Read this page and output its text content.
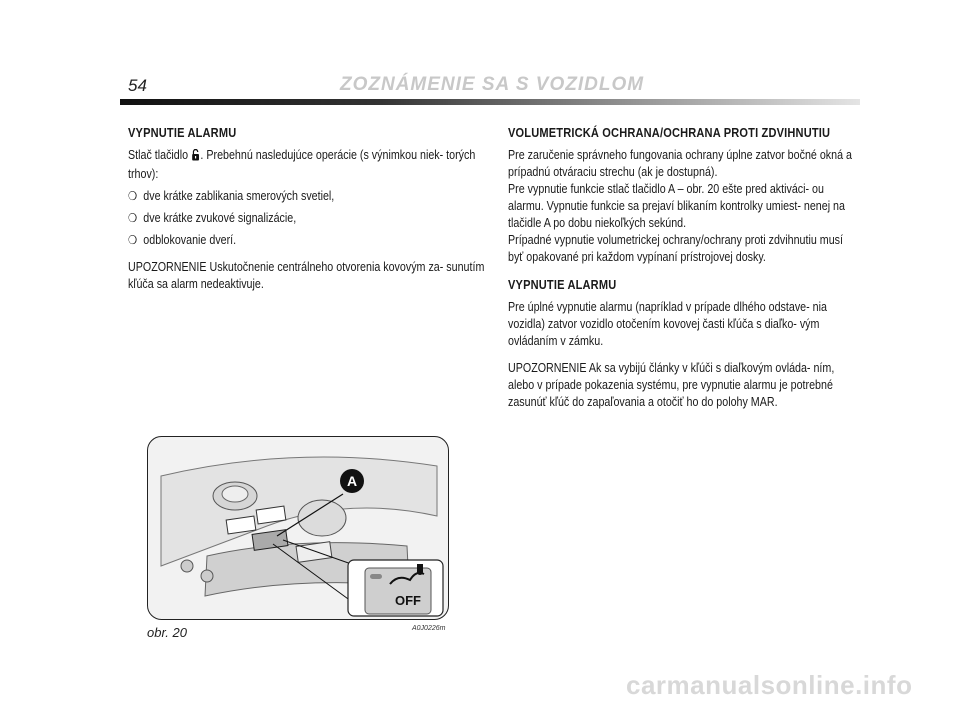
54	ZOZNÁMENIE SA S VOZIDLOM
VYPNUTIE ALARMU

Stlač tlačidlo . Prebehnú nasledujúce operácie (s výnimkou niek- torých trhov):

❍ dve krátke zablikania smerových svetiel,
❍ dve krátke zvukové signalizácie,
❍ odblokovanie dverí.

UPOZORNENIE Uskutočnenie centrálneho otvorenia kovovým za- sunutím kľúča sa alarm nedeaktivuje.

VOLUMETRICKÁ OCHRANA/OCHRANA PROTI ZDVIHNUTIU

Pre zaručenie správneho fungovania ochrany úplne zatvor bočné okná a prípadnú otváraciu strechu (ak je dostupná).

Pre vypnutie funkcie stlač tlačidlo A – obr. 20 ešte pred aktiváci- ou alarmu. Vypnutie funkcie sa prejaví blikaním kontrolky umiest- nenej na tlačidle A po dobu niekoľkých sekúnd.

Prípadné vypnutie volumetrickej ochrany/ochrany proti zdvihnutiu musí byť opakované pri každom vypínaní prístrojovej dosky.

VYPNUTIE ALARMU

Pre úplné vypnutie alarmu (napríklad v prípade dlhého odstave- nia vozidla) zatvor vozidlo otočením kovovej časti kľúča s diaľko- vým ovládaním v zámku.

UPOZORNENIE Ak sa vybijú články v kľúči s diaľkovým ovláda- ním, alebo v prípade pokazenia systému, pre vypnutie alarmu je potrebné zasunúť kľúč do zapaľovania a otočiť ho do polohy MAR.

A
OFF
obr. 20	A0J0226m
carmanualsonline.info
